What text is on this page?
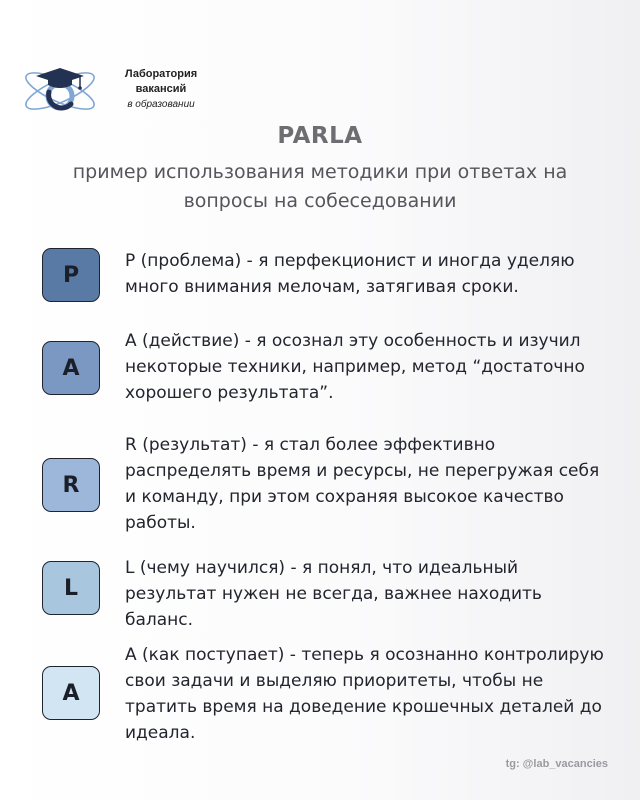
Лаборатория
вакансий
в образовании
PARLA
пример использования методики при ответах на вопросы на собеседовании
P
P (проблема) - я перфекционист и иногда уделяю много внимания мелочам, затягивая сроки.
A
A (действие) - я осознал эту особенность и изучил некоторые техники, например, метод “достаточно хорошего результата”.
R
R (результат) - я стал более эффективно распределять время и ресурсы, не перегружая себя и команду, при этом сохраняя высокое качество работы.
L
L (чему научился) - я понял, что идеальный результат нужен не всегда, важнее находить баланс.
A
A (как поступает) - теперь я осознанно контролирую свои задачи и выделяю приоритеты, чтобы не тратить время на доведение крошечных деталей до идеала.
tg: @lab_vacancies
